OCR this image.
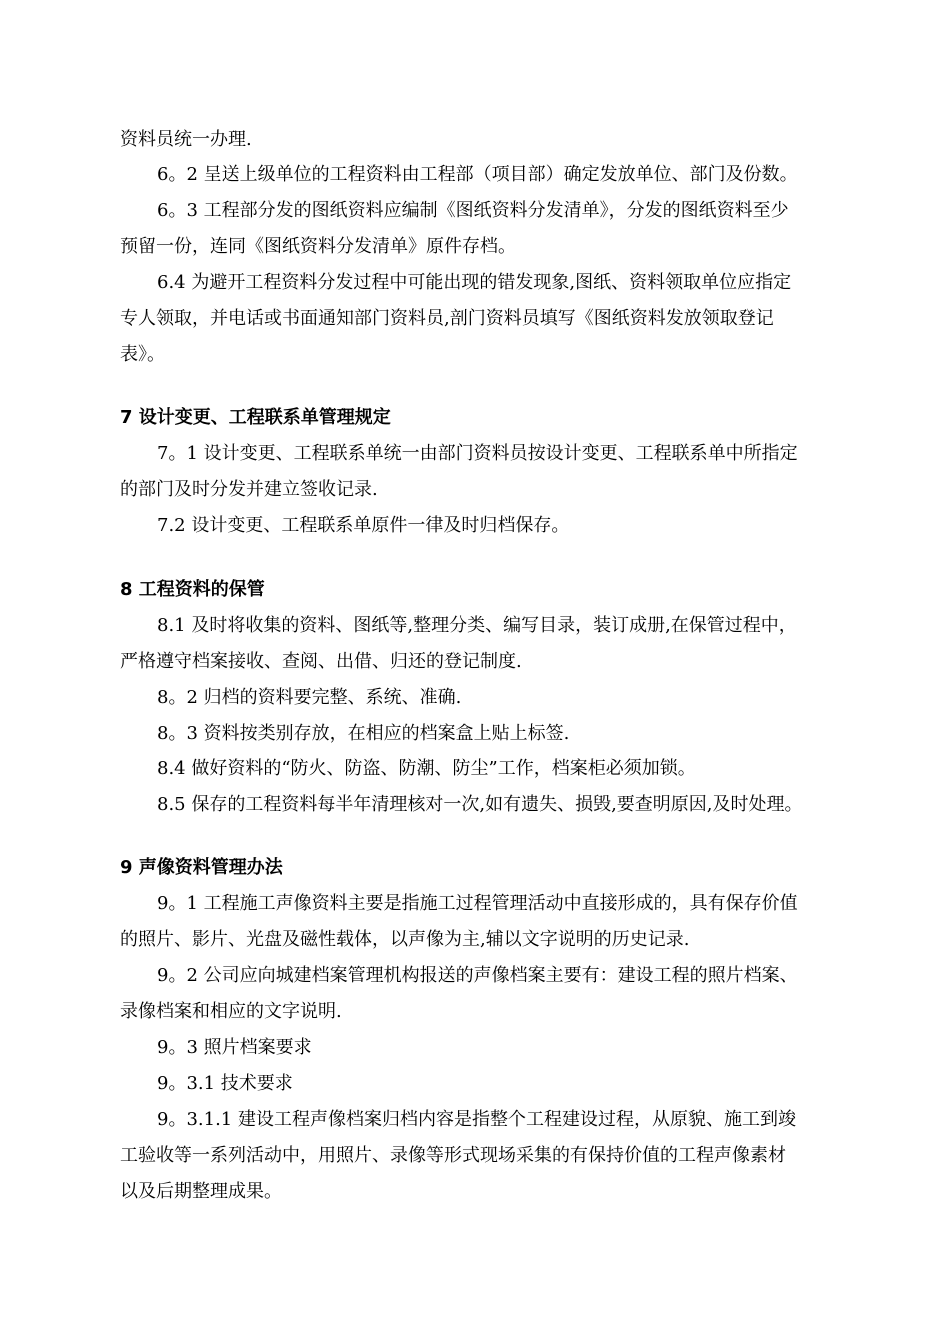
资料员统一办理.
6。2 呈送上级单位的工程资料由工程部（项目部）确定发放单位、部门及份数。
6。3 工程部分发的图纸资料应编制《图纸资料分发清单》，分发的图纸资料至少
预留一份，连同《图纸资料分发清单》原件存档。
6.4 为避开工程资料分发过程中可能出现的错发现象,图纸、资料领取单位应指定
专人领取，并电话或书面通知部门资料员,剖门资料员填写《图纸资料发放领取登记
表》。
7 设计变更、工程联系单管理规定
7。1 设计变更、工程联系单统一由部门资料员按设计变更、工程联系单中所指定
的部门及时分发并建立签收记录.
7.2 设计变更、工程联系单原件一律及时归档保存。
8 工程资料的保管
8.1 及时将收集的资料、图纸等,整理分类、编写目录，装订成册,在保管过程中，
严格遵守档案接收、查阅、出借、归还的登记制度.
8。2 归档的资料要完整、系统、准确.
8。3 资料按类别存放，在相应的档案盒上贴上标签.
8.4 做好资料的“防火、防盗、防潮、防尘”工作，档案柜必须加锁。
8.5 保存的工程资料每半年清理核对一次,如有遗失、损毁,要查明原因,及时处理。
9 声像资料管理办法
9。1 工程施工声像资料主要是指施工过程管理活动中直接形成的，具有保存价值
的照片、影片、光盘及磁性载体，以声像为主,辅以文字说明的历史记录.
9。2 公司应向城建档案管理机构报送的声像档案主要有：建设工程的照片档案、
录像档案和相应的文字说明.
9。3 照片档案要求
9。3.1 技术要求
9。3.1.1 建设工程声像档案归档内容是指整个工程建设过程，从原貌、施工到竣
工验收等一系列活动中，用照片、录像等形式现场采集的有保持价值的工程声像素材
以及后期整理成果。
